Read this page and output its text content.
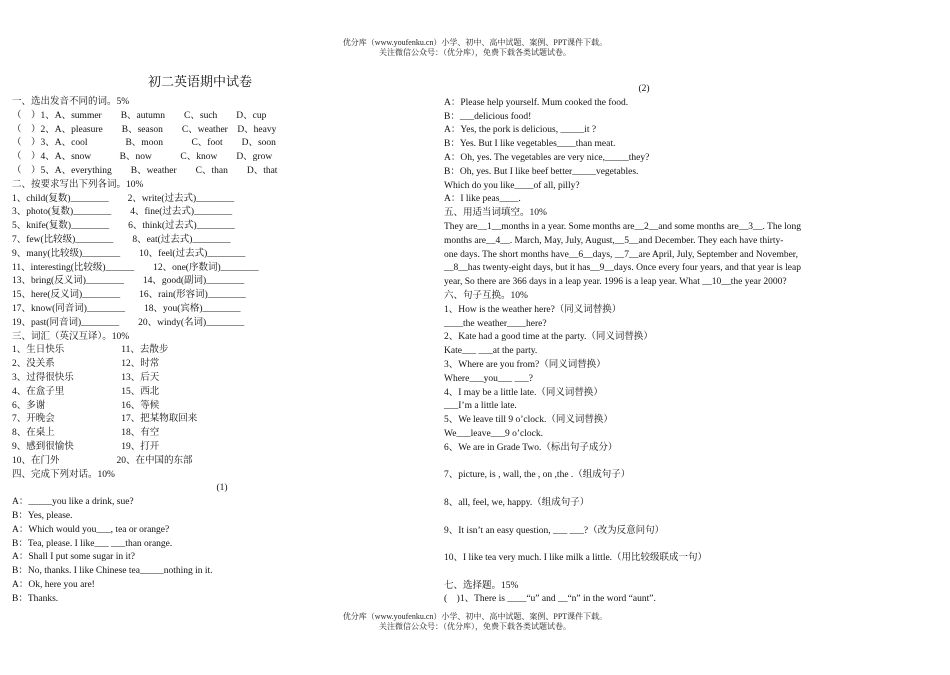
优分库（www.youfenku.cn）小学、初中、高中试题、案例、PPT课件下载。
关注微信公众号：（优分库），免费下载各类试题试卷。
初二英语期中试卷
一、选出发音不同的词。5%
（　）1、A、summer　　B、autumn　　C、such　　D、cup
（　）2、A、pleasure　　B、season　　C、weather　D、heavy
（　）3、A、cool　　　　B、moon　　　C、foot　　D、soon
（　）4、A、snow　　　B、now　　　C、know　　D、grow
（　）5、A、everything　　B、weather　　C、than　　D、that
二、按要求写出下列各词。10%
1、child(复数)________　　2、write(过去式)________
3、photo(复数)________　　4、fine(过去式)________
5、knife(复数)________　　6、think(过去式)________
7、few(比较级)________　　8、eat(过去式)________
9、many(比较级)________　　10、feel(过去式)________
11、interesting(比较级)______　　12、one(序数词)________
13、bring(反义词)________　　14、good(副词)________
15、here(反义词)________　　16、rain(形容词)________
17、know(同音词)________　　18、you(宾格)________
19、past(同音词)________　　20、windy(名词)________
三、词汇（英汉互译）。10%
1、生日快乐　　　　　　11、去散步
2、没关系　　　　　　　12、时常
3、过得很快乐　　　　　13、后天
4、在盒子里　　　　　　15、西北
6、多谢　　　　　　　　16、等候
7、开晚会　　　　　　　17、把某物取回来
8、在桌上　　　　　　　18、有空
9、感到很愉快　　　　　19、打开
10、在门外　　　　　　20、在中国的东部
四、完成下列对话。10%
(1)
A：_____you like a drink, sue?
B：Yes, please.
A：Which would you___, tea or orange?
B：Tea, please. I like___ ___than orange.
A：Shall I put some sugar in it?
B：No, thanks. I like Chinese tea_____nothing in it.
A：Ok, here you are!
B：Thanks.
(2)
A：Please help yourself. Mum cooked the food.
B：___delicious food!
A：Yes, the pork is delicious, _____it ?
B：Yes. But I like vegetables____than meat.
A：Oh, yes. The vegetables are very nice,_____they?
B：Oh, yes. But I like beef better_____vegetables.
Which do you like____of all, pilly?
A：I like peas____.
五、用适当词填空。10%
They are__1__months in a year. Some months are__2__and some months are__3__. The long
months are__4__. March, May, July, August,__5__and December. They each have thirty-
one days. The short months have__6__days, __7__are April, July, September and November,
__8__has twenty-eight days, but it has__9__days. Once every four years, and that year is leap
year, So there are 366 days in a leap year. 1996 is a leap year. What __10__the year 2000?
六、句子互换。10%
1、How is the weather here?（同义词替换）
____the weather____here?
2、Kate had a good time at the party.（同义词替换）
Kate___ ___at the party.
3、Where are you from?（同义词替换）
Where___you___ ___?
4、I may be a little late.（同义词替换）
___I’m a little late.
5、We leave till 9 o’clock.（同义词替换）
We___leave___9 o’clock.
6、We are in Grade Two.（标出句子成分）
7、picture, is , wall, the , on ,the .（组成句子）
8、all, feel, we, happy.（组成句子）
9、It isn’t an easy question, ___ ___?（改为反意问句）
10、I like tea very much. I like milk a little.（用比较级联成一句）
七、选择题。15%
(　)1、There is ____“u” and __“n” in the word “aunt”.
优分库（www.youfenku.cn）小学、初中、高中试题、案例、PPT课件下载。
关注微信公众号：（优分库），免费下载各类试题试卷。
